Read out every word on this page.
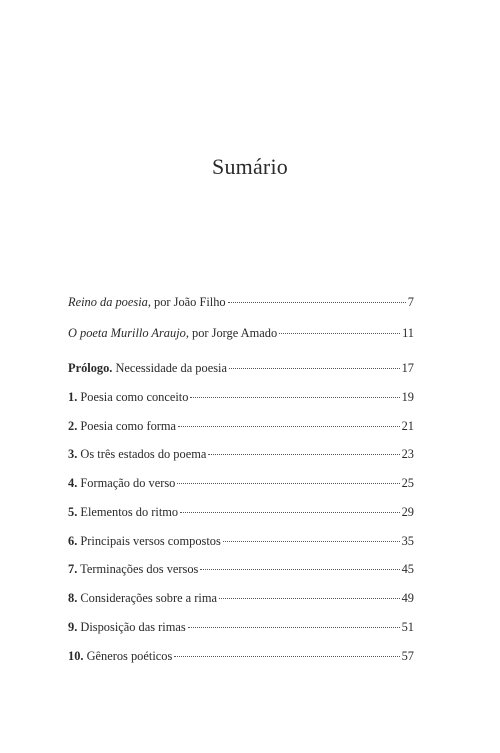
Sumário
Reino da poesia, por João Filho	7
O poeta Murillo Araujo, por Jorge Amado	11
Prólogo. Necessidade da poesia	17
1. Poesia como conceito	19
2. Poesia como forma	21
3. Os três estados do poema	23
4. Formação do verso	25
5. Elementos do ritmo	29
6. Principais versos compostos	35
7. Terminações dos versos	45
8. Considerações sobre a rima	49
9. Disposição das rimas	51
10. Gêneros poéticos	57
